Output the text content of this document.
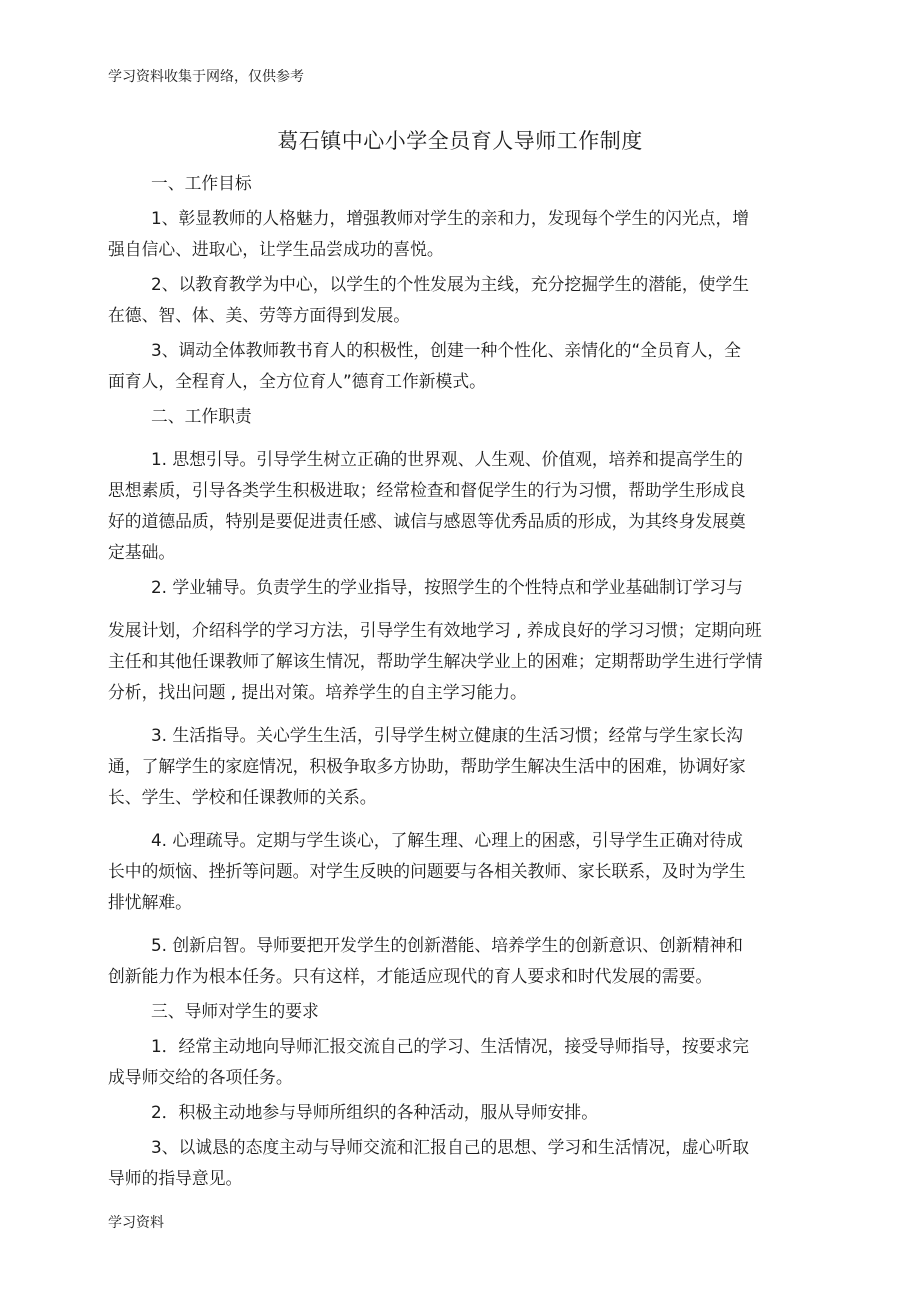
学习资料收集于网络，仅供参考
葛石镇中心小学全员育人导师工作制度
一、工作目标
1、彰显教师的人格魅力，增强教师对学生的亲和力，发现每个学生的闪光点，增
强自信心、进取心，让学生品尝成功的喜悦。
2、以教育教学为中心，以学生的个性发展为主线，充分挖掘学生的潜能，使学生
在德、智、体、美、劳等方面得到发展。
3、调动全体教师教书育人的积极性，创建一种个性化、亲情化的“全员育人，全
面育人，全程育人，全方位育人”德育工作新模式。
二、工作职责
1. 思想引导。引导学生树立正确的世界观、人生观、价值观，培养和提高学生的
思想素质，引导各类学生积极进取；经常检查和督促学生的行为习惯，帮助学生形成良
好的道德品质，特别是要促进责任感、诚信与感恩等优秀品质的形成，为其终身发展奠
定基础。
2. 学业辅导。负责学生的学业指导，按照学生的个性特点和学业基础制订学习与
发展计划，介绍科学的学习方法，引导学生有效地学习 , 养成良好的学习习惯；定期向班
主任和其他任课教师了解该生情况，帮助学生解决学业上的困难；定期帮助学生进行学情
分析，找出问题 , 提出对策。培养学生的自主学习能力。
3. 生活指导。关心学生生活，引导学生树立健康的生活习惯；经常与学生家长沟
通，了解学生的家庭情况，积极争取多方协助，帮助学生解决生活中的困难，协调好家
长、学生、学校和任课教师的关系。
4. 心理疏导。定期与学生谈心，了解生理、心理上的困惑，引导学生正确对待成
长中的烦恼、挫折等问题。对学生反映的问题要与各相关教师、家长联系，及时为学生
排忧解难。
5. 创新启智。导师要把开发学生的创新潜能、培养学生的创新意识、创新精神和
创新能力作为根本任务。只有这样，才能适应现代的育人要求和时代发展的需要。
三、导师对学生的要求
1．经常主动地向导师汇报交流自己的学习、生活情况，接受导师指导，按要求完
成导师交给的各项任务。
2．积极主动地参与导师所组织的各种活动，服从导师安排。
3、以诚恳的态度主动与导师交流和汇报自己的思想、学习和生活情况，虚心听取
导师的指导意见。
学习资料
